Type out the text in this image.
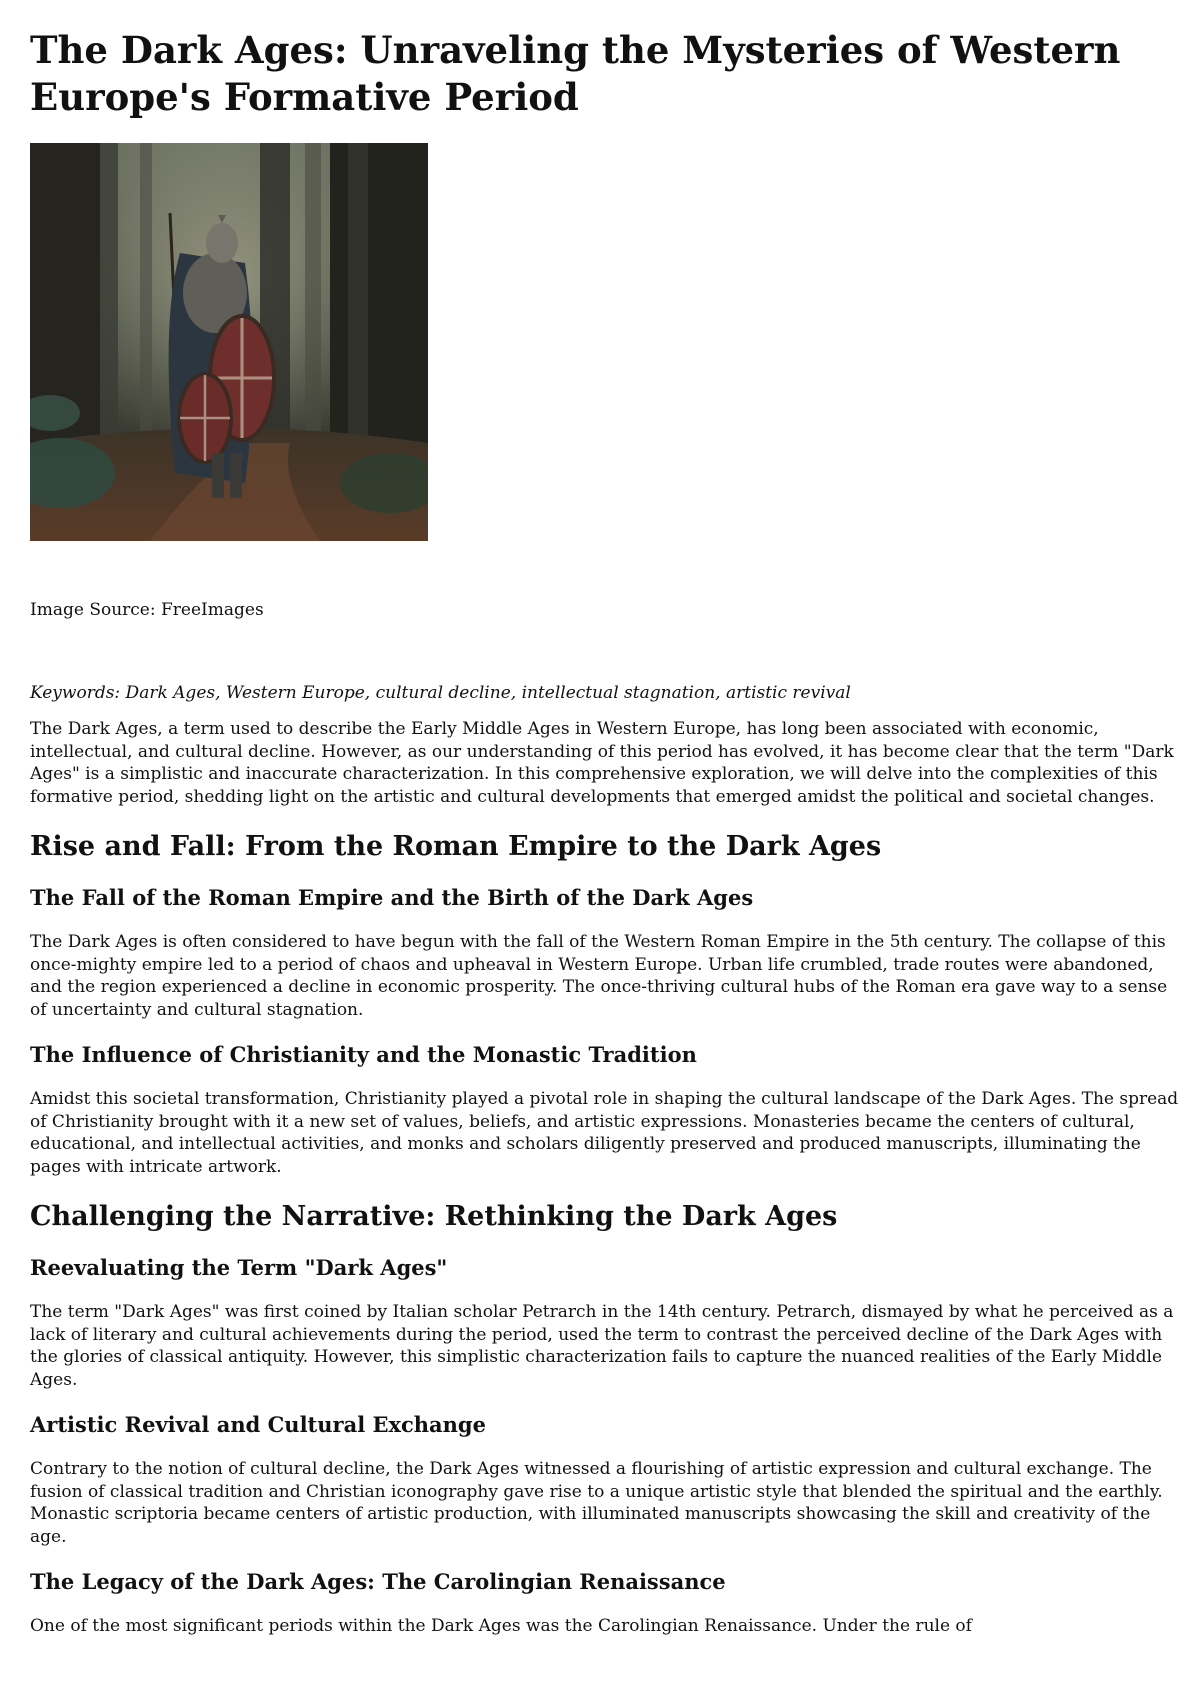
The Dark Ages: Unraveling the Mysteries of Western Europe's Formative Period

Image Source: FreeImages

Keywords: Dark Ages, Western Europe, cultural decline, intellectual stagnation, artistic revival

The Dark Ages, a term used to describe the Early Middle Ages in Western Europe, has long been associated with economic, intellectual, and cultural decline. However, as our understanding of this period has evolved, it has become clear that the term "Dark Ages" is a simplistic and inaccurate characterization. In this comprehensive exploration, we will delve into the complexities of this formative period, shedding light on the artistic and cultural developments that emerged amidst the political and societal changes.

Rise and Fall: From the Roman Empire to the Dark Ages
The Fall of the Roman Empire and the Birth of the Dark Ages

The Dark Ages is often considered to have begun with the fall of the Western Roman Empire in the 5th century. The collapse of this once-mighty empire led to a period of chaos and upheaval in Western Europe. Urban life crumbled, trade routes were abandoned, and the region experienced a decline in economic prosperity. The once-thriving cultural hubs of the Roman era gave way to a sense of uncertainty and cultural stagnation.

The Influence of Christianity and the Monastic Tradition

Amidst this societal transformation, Christianity played a pivotal role in shaping the cultural landscape of the Dark Ages. The spread of Christianity brought with it a new set of values, beliefs, and artistic expressions. Monasteries became the centers of cultural, educational, and intellectual activities, and monks and scholars diligently preserved and produced manuscripts, illuminating the pages with intricate artwork.

Challenging the Narrative: Rethinking the Dark Ages
Reevaluating the Term "Dark Ages"

The term "Dark Ages" was first coined by Italian scholar Petrarch in the 14th century. Petrarch, dismayed by what he perceived as a lack of literary and cultural achievements during the period, used the term to contrast the perceived decline of the Dark Ages with the glories of classical antiquity. However, this simplistic characterization fails to capture the nuanced realities of the Early Middle Ages.

Artistic Revival and Cultural Exchange

Contrary to the notion of cultural decline, the Dark Ages witnessed a flourishing of artistic expression and cultural exchange. The fusion of classical tradition and Christian iconography gave rise to a unique artistic style that blended the spiritual and the earthly. Monastic scriptoria became centers of artistic production, with illuminated manuscripts showcasing the skill and creativity of the age.

The Legacy of the Dark Ages: The Carolingian Renaissance

One of the most significant periods within the Dark Ages was the Carolingian Renaissance. Under the rule of
